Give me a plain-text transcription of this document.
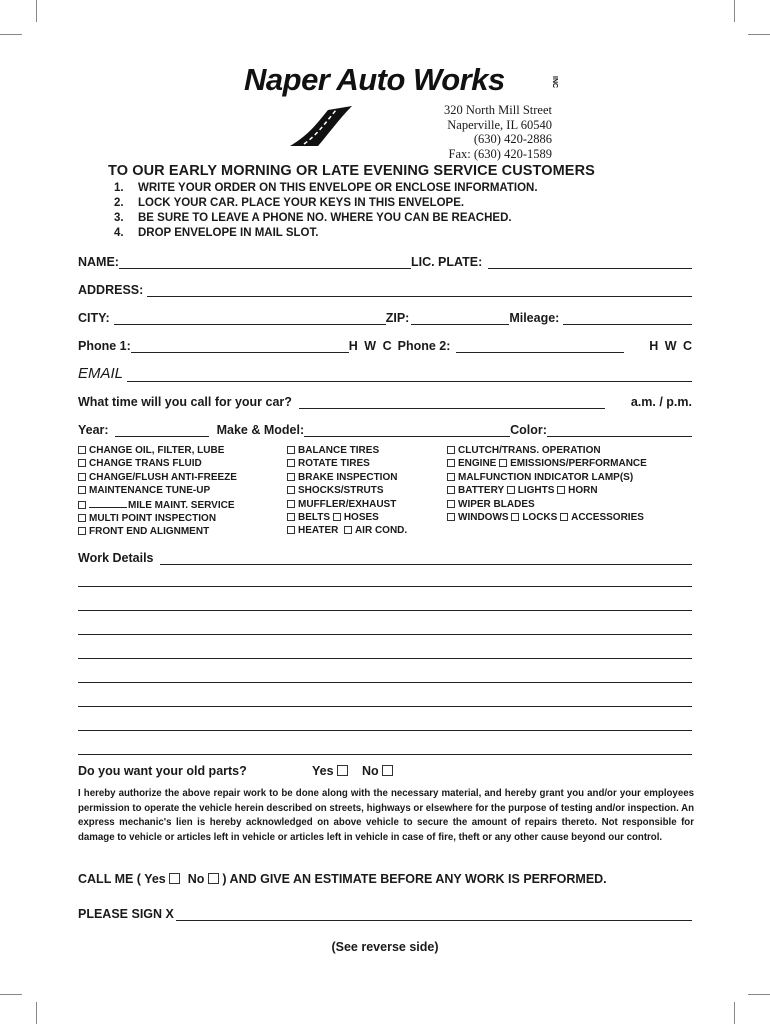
Naper Auto Works	INC
320 North Mill Street
Naperville, IL 60540
(630) 420-2886
Fax: (630) 420-1589
TO OUR EARLY MORNING OR LATE EVENING SERVICE CUSTOMERS
1. WRITE YOUR ORDER ON THIS ENVELOPE OR ENCLOSE INFORMATION.
2. LOCK YOUR CAR. PLACE YOUR KEYS IN THIS ENVELOPE.
3. BE SURE TO LEAVE A PHONE NO. WHERE YOU CAN BE REACHED.
4. DROP ENVELOPE IN MAIL SLOT.
NAME:	LIC. PLATE:
ADDRESS:
CITY:	ZIP:	Mileage:
Phone 1:	H W C Phone 2:	H W C
EMAIL
What time will you call for your car?	a.m. / p.m.
Year:	Make & Model:	Color:
CHANGE OIL, FILTER, LUBE
CHANGE TRANS FLUID
CHANGE/FLUSH ANTI-FREEZE
MAINTENANCE TUNE-UP
MILE MAINT. SERVICE
MULTI POINT INSPECTION
FRONT END ALIGNMENT
BALANCE TIRES
ROTATE TIRES
BRAKE INSPECTION
SHOCKS/STRUTS
MUFFLER/EXHAUST
BELTS HOSES
HEATER AIR COND.
CLUTCH/TRANS. OPERATION
ENGINE EMISSIONS/PERFORMANCE
MALFUNCTION INDICATOR LAMP(S)
BATTERY LIGHTS HORN
WIPER BLADES
WINDOWS LOCKS ACCESSORIES
Work Details
Do you want your old parts?	Yes	No
I hereby authorize the above repair work to be done along with the necessary material, and hereby grant you and/or your employees permission to operate the vehicle herein described on streets, highways or elsewhere for the purpose of testing and/or inspection. An express mechanic's lien is hereby acknowledged on above vehicle to secure the amount of repairs thereto. Not responsible for damage to vehicle or articles left in vehicle or articles left in vehicle in case of fire, theft or any other cause beyond our control.
CALL ME ( Yes No ) AND GIVE AN ESTIMATE BEFORE ANY WORK IS PERFORMED.
PLEASE SIGN X
(See reverse side)
